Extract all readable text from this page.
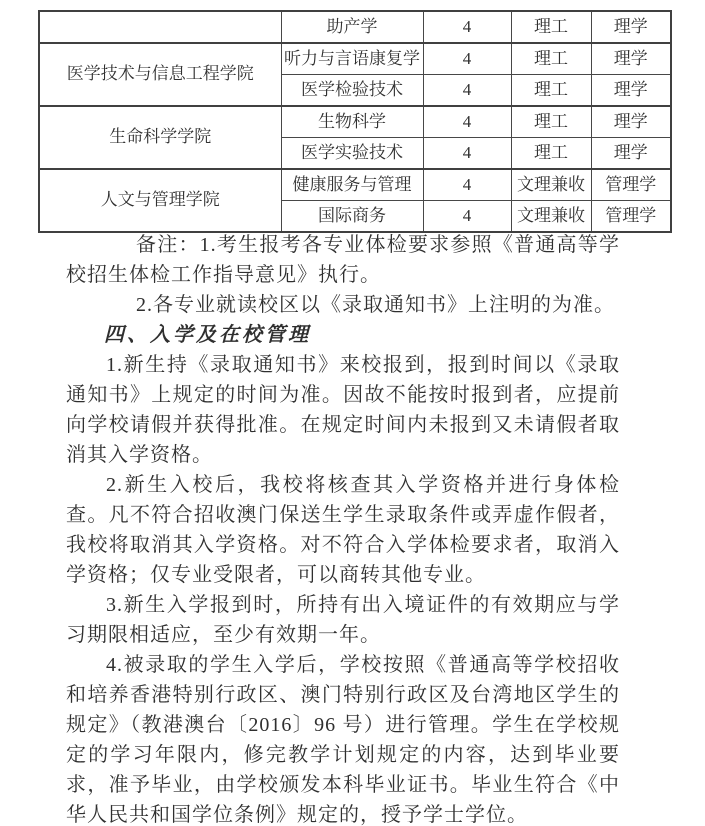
	助产学	4	理工	理学
医学技术与信息工程学院	听力与言语康复学	4	理工	理学
	医学检验技术	4	理工	理学
生命科学学院	生物科学	4	理工	理学
	医学实验技术	4	理工	理学
人文与管理学院	健康服务与管理	4	文理兼收	管理学
	国际商务	4	文理兼收	管理学

备注：1.考生报考各专业体检要求参照《普通高等学校招生体检工作指导意见》执行。

2.各专业就读校区以《录取通知书》上注明的为准。

四、入学及在校管理

1.新生持《录取通知书》来校报到，报到时间以《录取通知书》上规定的时间为准。因故不能按时报到者，应提前向学校请假并获得批准。在规定时间内未报到又未请假者取消其入学资格。

2.新生入校后，我校将核查其入学资格并进行身体检查。凡不符合招收澳门保送生学生录取条件或弄虚作假者，我校将取消其入学资格。对不符合入学体检要求者，取消入学资格；仅专业受限者，可以商转其他专业。

3.新生入学报到时，所持有出入境证件的有效期应与学习期限相适应，至少有效期一年。

4.被录取的学生入学后，学校按照《普通高等学校招收和培养香港特别行政区、澳门特别行政区及台湾地区学生的规定》（教港澳台〔2016〕96 号）进行管理。学生在学校规定的学习年限内，修完教学计划规定的内容，达到毕业要求，准予毕业，由学校颁发本科毕业证书。毕业生符合《中华人民共和国学位条例》规定的，授予学士学位。
